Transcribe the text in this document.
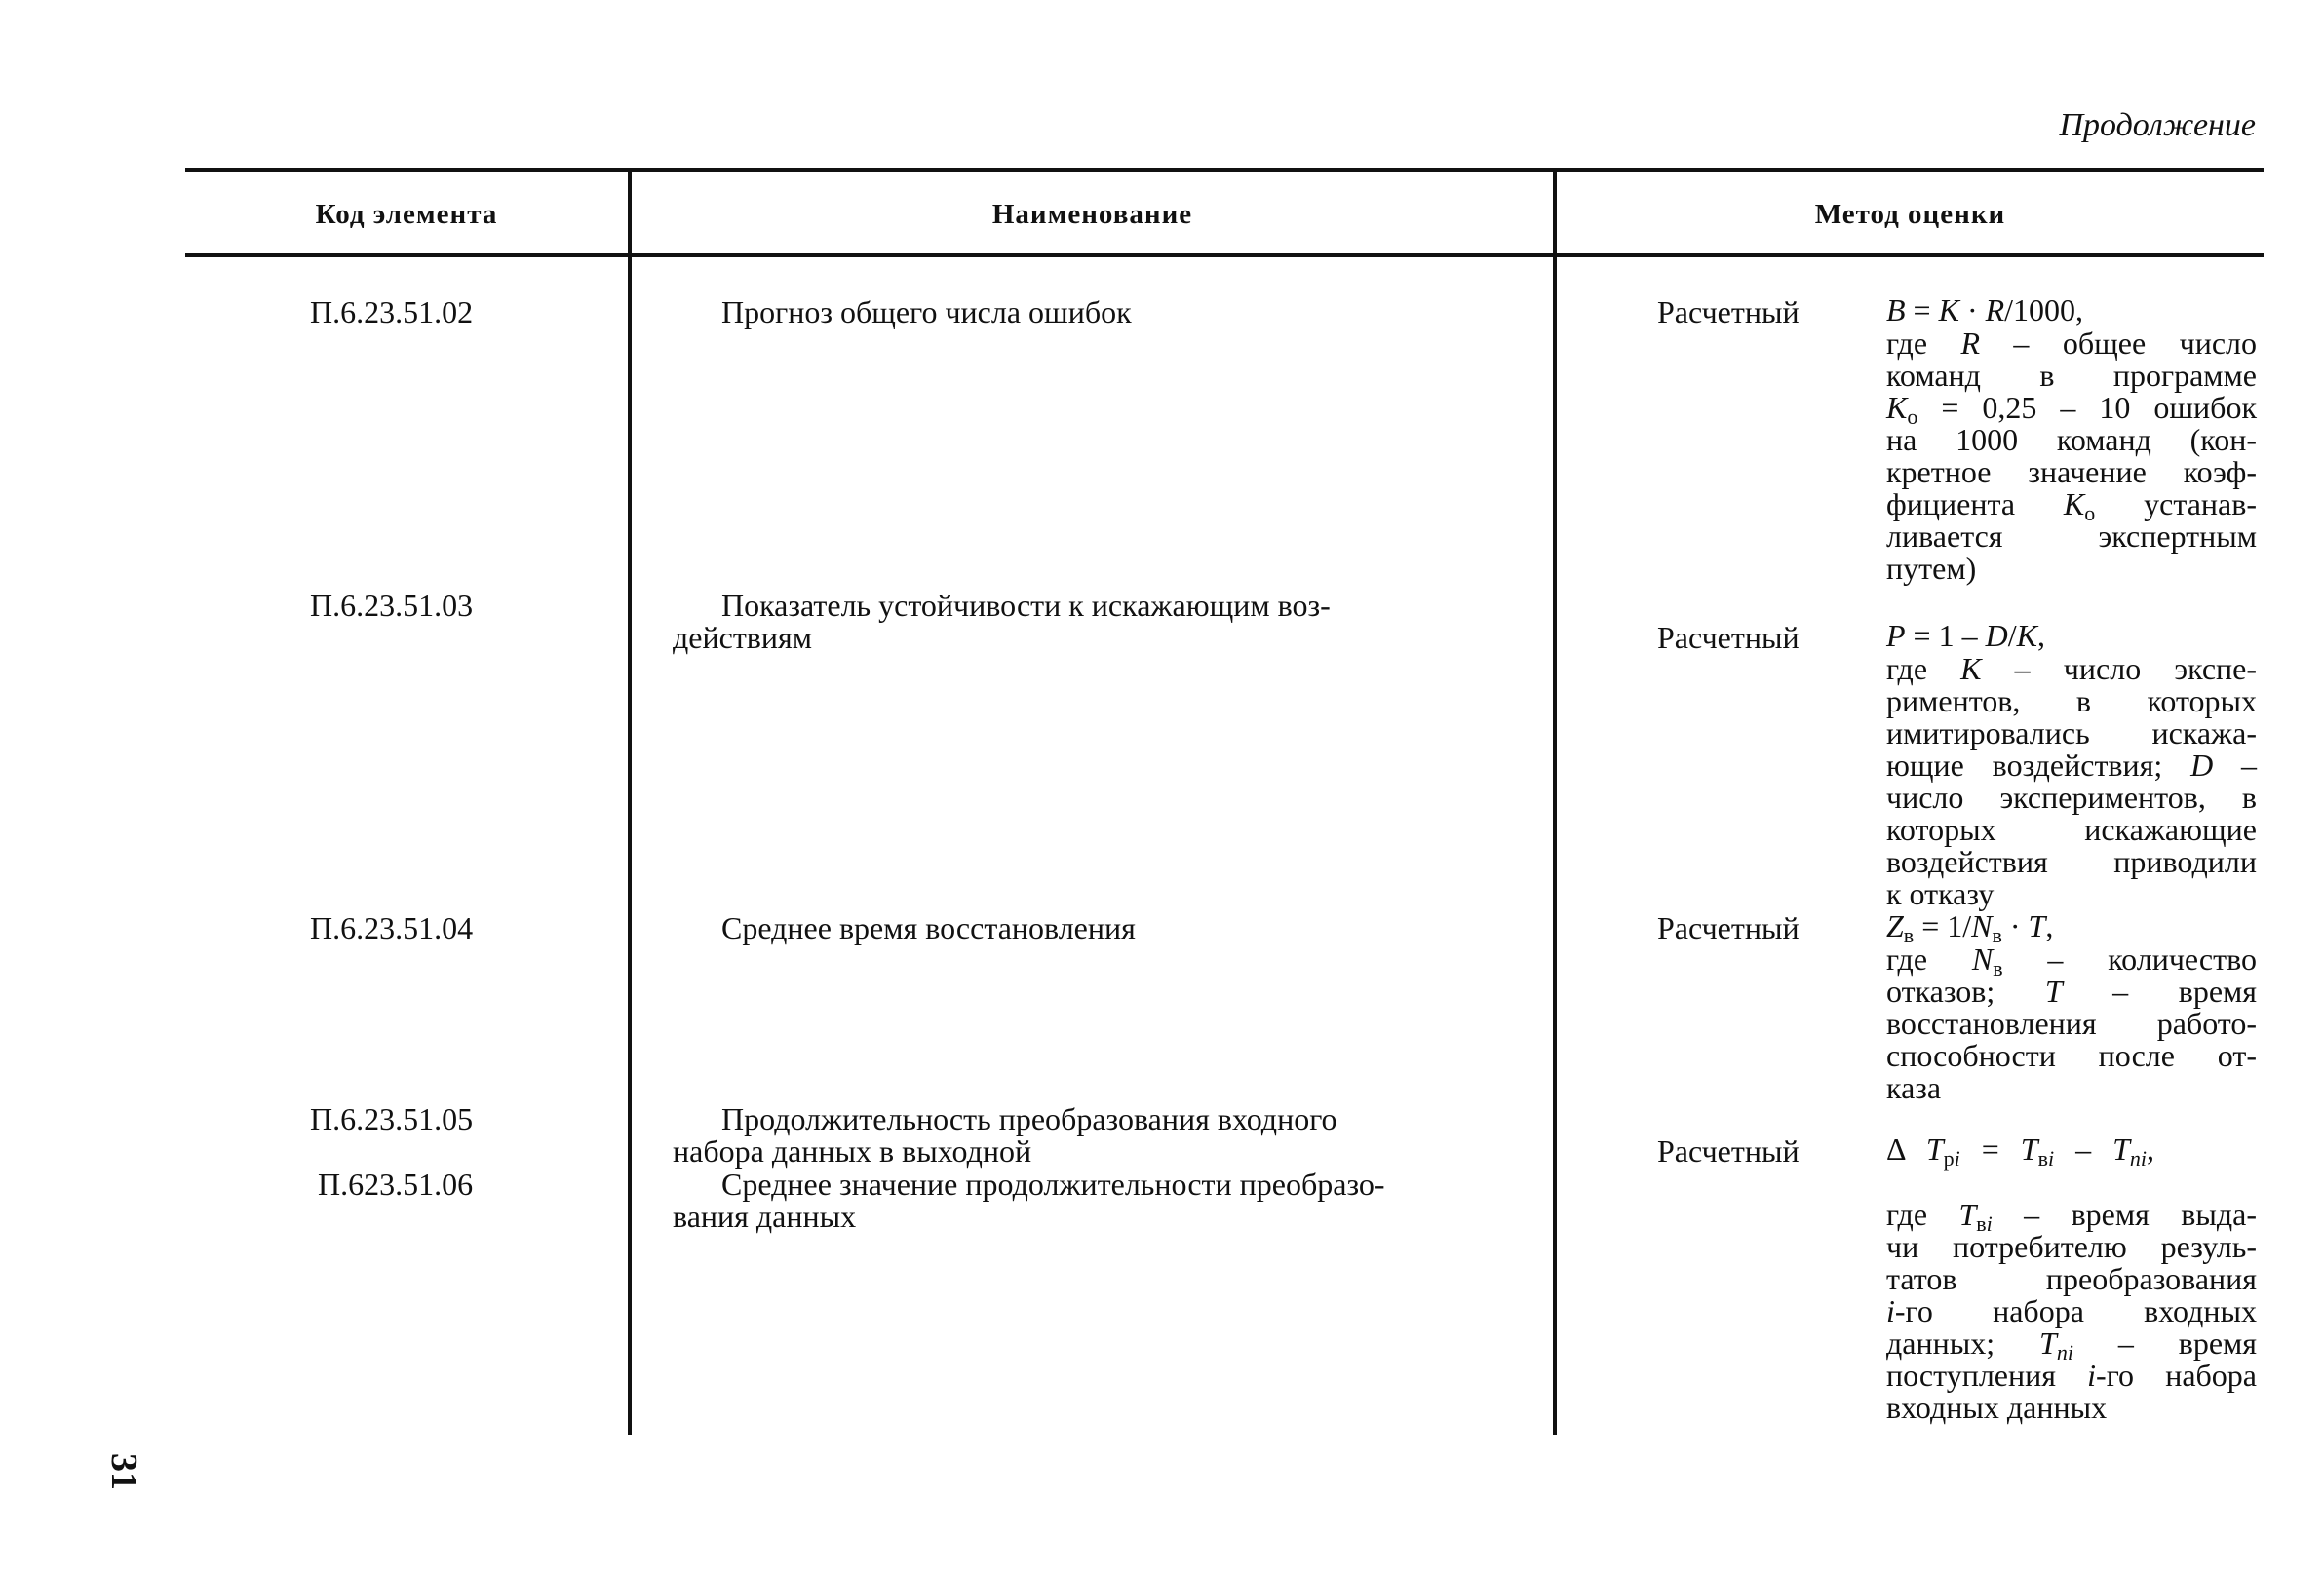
Продолжение
Код элемента	Наименование	Метод оценки
П.6.23.51.02	Прогноз общего числа ошибок	Расчетный	B = K · R/1000,
где R – общее число
команд в программе
$K_o = 0,25 - 10$ ошибок
на 1000 команд (кон-
кретное значение коэф-
фициента $K_o$ устанав-
ливается экспертным
путем)
П.6.23.51.03	Показатель устойчивости к искажающим воз-
действиям	Расчетный	P = 1 – D/K,
где K – число экспе-
риментов, в которых
имитировались искажа-
ющие воздействия; D –
число экспериментов, в
которых искажающие
воздействия приводили
к отказу
П.6.23.51.04	Среднее время восстановления	Расчетный	$Z_в = 1/N_в \cdot T$,
где $N_в$ – количество
отказов; T – время
восстановления работо-
способности после от-
каза
П.6.23.51.05	Продолжительность преобразования входного
набора данных в выходной	Расчетный	Δ $T_{pi} = T_{вi} - T_{ni}$,
где $T_{вi}$ – время выда-
чи потребителю резуль-
татов преобразования
i-го набора входных
данных; $T_{ni}$ – время
поступления i-го набора
входных данных
П.623.51.06	Среднее значение продолжительности преобразо-
вания данных
31
